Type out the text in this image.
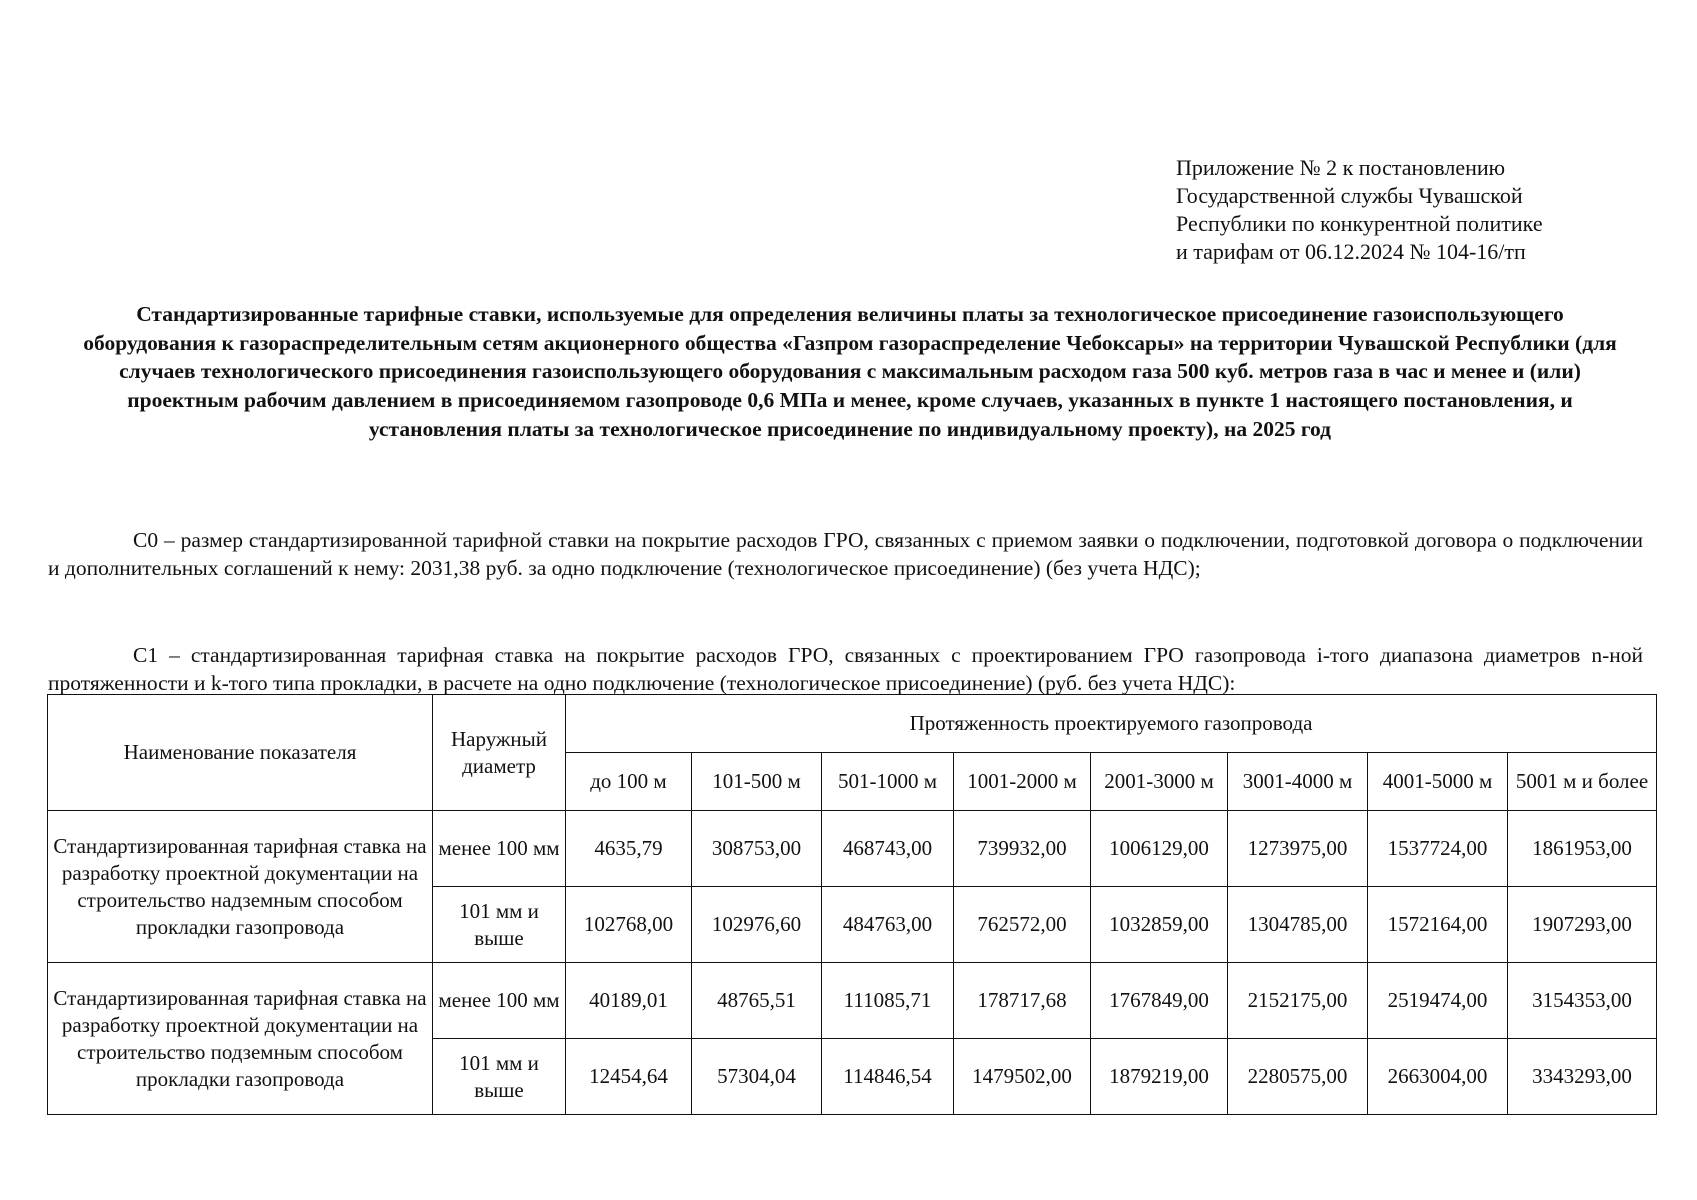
Приложение № 2 к постановлению
Государственной службы Чувашской
Республики по конкурентной политике
и тарифам от 06.12.2024 № 104-16/тп
Стандартизированные тарифные ставки, используемые для определения величины платы за технологическое присоединение газоиспользующего оборудования к газораспределительным сетям акционерного общества «Газпром газораспределение Чебоксары» на территории Чувашской Республики (для случаев технологического присоединения газоиспользующего оборудования с максимальным расходом газа 500 куб. метров газа в час и менее и (или) проектным рабочим давлением в присоединяемом газопроводе 0,6 МПа и менее, кроме случаев, указанных в пункте 1 настоящего постановления, и установления платы за технологическое присоединение по индивидуальному проекту), на 2025 год

С0 – размер стандартизированной тарифной ставки на покрытие расходов ГРО, связанных с приемом заявки о подключении, подготовкой договора о подключении и дополнительных соглашений к нему: 2031,38 руб. за одно подключение (технологическое присоединение) (без учета НДС);

С1 – стандартизированная тарифная ставка на покрытие расходов ГРО, связанных с проектированием ГРО газопровода i-того диапазона диаметров n-ной протяженности и k-того типа прокладки, в расчете на одно подключение (технологическое присоединение) (руб. без учета НДС):

Наименование показателя	Наружный диаметр	Протяженность проектируемого газопровода							
		до 100 м	101-500 м	501-1000 м	1001-2000 м	2001-3000 м	3001-4000 м	4001-5000 м	5001 м и более
Стандартизированная тарифная ставка на разработку проектной документации на строительство надземным способом прокладки газопровода	менее 100 мм	4635,79	308753,00	468743,00	739932,00	1006129,00	1273975,00	1537724,00	1861953,00
	101 мм и выше	102768,00	102976,60	484763,00	762572,00	1032859,00	1304785,00	1572164,00	1907293,00
Стандартизированная тарифная ставка на разработку проектной документации на строительство подземным способом прокладки газопровода	менее 100 мм	40189,01	48765,51	111085,71	178717,68	1767849,00	2152175,00	2519474,00	3154353,00
	101 мм и выше	12454,64	57304,04	114846,54	1479502,00	1879219,00	2280575,00	2663004,00	3343293,00
